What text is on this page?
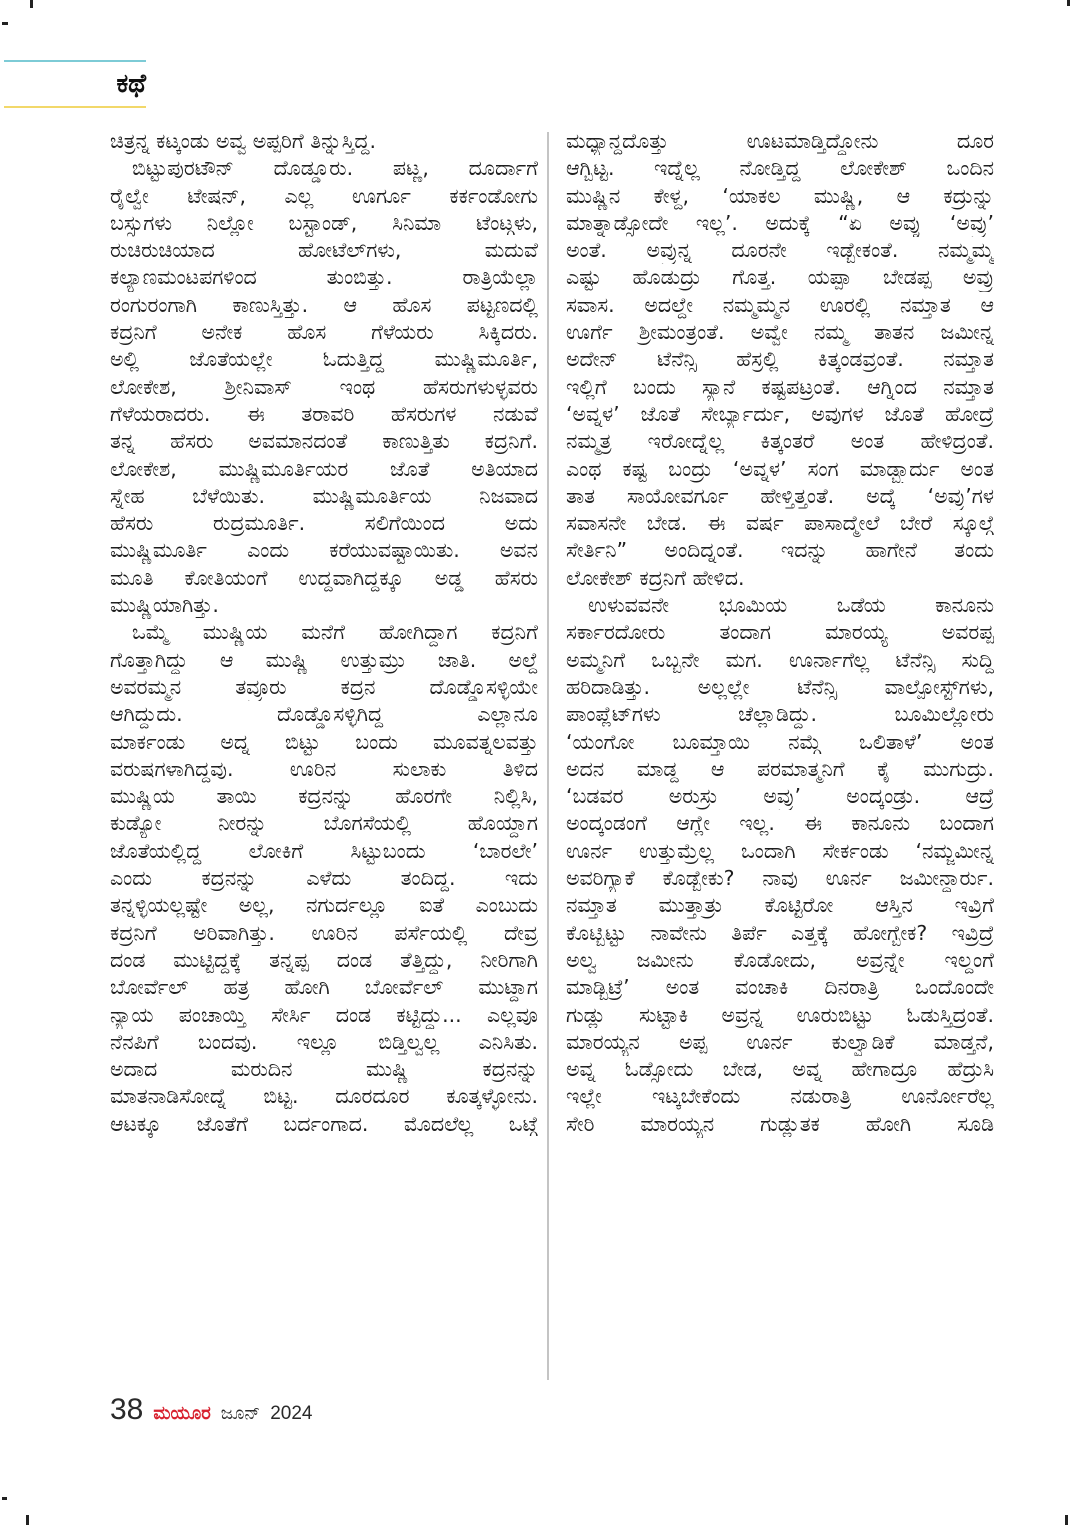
ಕಥೆ
ಚಿತ್ರನ್ನ ಕಟ್ಕಂಡು ಅವ್ವ ಅಪ್ಪರಿಗೆ ತಿನ್ನುಸ್ತಿದ್ದ.
ಬಿಟ್ಟುಪುರಟೌನ್ ದೊಡ್ಡೂರು. ಪಟ್ಣ, ದೂರ್ದಾಗೆ
ರೈಲ್ವೇ ಟೇಷನ್, ಎಲ್ಲ ಊರ್ಗೂ ಕರ್ಕಂಡೋಗು
ಬಸ್ಸುಗಳು ನಿಲ್ಲೋ ಬಸ್ಟಾಂಡ್, ಸಿನಿಮಾ ಟೆಂಟ್ಗಳು,
ರುಚಿರುಚಿಯಾದ ಹೋಟೆಲ್‌ಗಳು, ಮದುವೆ
ಕಲ್ಯಾಣಮಂಟಪಗಳಿಂದ ತುಂಬಿತ್ತು. ರಾತ್ರಿಯೆಲ್ಲಾ
ರಂಗುರಂಗಾಗಿ ಕಾಣುಸ್ತಿತ್ತು. ಆ ಹೊಸ ಪಟ್ಟಣದಲ್ಲಿ
ಕದ್ರನಿಗೆ ಅನೇಕ ಹೊಸ ಗೆಳೆಯರು ಸಿಕ್ಕಿದರು.
ಅಲ್ಲಿ ಜೊತೆಯಲ್ಲೇ ಓದುತ್ತಿದ್ದ ಮುಷ್ಣಿಮೂರ್ತಿ,
ಲೋಕೇಶ, ಶ್ರೀನಿವಾಸ್ ಇಂಥ ಹೆಸರುಗಳುಳ್ಳವರು
ಗೆಳೆಯರಾದರು. ಈ ತರಾವರಿ ಹೆಸರುಗಳ ನಡುವೆ
ತನ್ನ ಹೆಸರು ಅವಮಾನದಂತೆ ಕಾಣುತ್ತಿತು ಕದ್ರನಿಗೆ.
ಲೋಕೇಶ, ಮುಷ್ಣಿಮೂರ್ತಿಯರ ಜೊತೆ ಅತಿಯಾದ
ಸ್ನೇಹ ಬೆಳೆಯಿತು. ಮುಷ್ಣಿಮೂರ್ತಿಯ ನಿಜವಾದ
ಹೆಸರು ರುದ್ರಮೂರ್ತಿ. ಸಲಿಗೆಯಿಂದ ಅದು
ಮುಷ್ಣಿಮೂರ್ತಿ ಎಂದು ಕರೆಯುವಷ್ಟಾಯಿತು. ಅವನ
ಮೂತಿ ಕೋತಿಯಂಗೆ ಉದ್ದವಾಗಿದ್ದಕ್ಕೂ ಅಡ್ಡ ಹೆಸರು
ಮುಷ್ಣಿಯಾಗಿತ್ತು.
ಒಮ್ಮೆ ಮುಷ್ಣಿಯ ಮನೆಗೆ ಹೋಗಿದ್ದಾಗ ಕದ್ರನಿಗೆ
ಗೊತ್ತಾಗಿದ್ದು ಆ ಮುಷ್ಣಿ ಉತ್ತುಮ್ರು ಜಾತಿ. ಅಲ್ದೆ
ಅವರಮ್ಮನ ತವ್ರೂರು ಕದ್ರನ ದೊಡ್ಡೊಸಳ್ಳಿಯೇ
ಆಗಿದ್ದುದು. ದೊಡ್ಡೊಸಳ್ಳಿಗಿದ್ದ ಎಲ್ಲಾನೂ
ಮಾರ್ಕಂಡು ಅದ್ನ ಬಿಟ್ಟು ಬಂದು ಮೂವತ್ನಲವತ್ತು
ವರುಷಗಳಾಗಿದ್ದವು. ಊರಿನ ಸುಲಾಕು ತಿಳಿದ
ಮುಷ್ಣಿಯ ತಾಯಿ ಕದ್ರನನ್ನು ಹೊರಗೇ ನಿಲ್ಲಿಸಿ,
ಕುಡ್ಯೋ ನೀರನ್ನು ಬೊಗಸೆಯಲ್ಲಿ ಹೊಯ್ದಾಗ
ಜೊತೆಯಲ್ಲಿದ್ದ ಲೋಕಿಗೆ ಸಿಟ್ಟುಬಂದು ‘ಬಾರಲೇ’
ಎಂದು ಕದ್ರನನ್ನು ಎಳೆದು ತಂದಿದ್ದ. ಇದು
ತನ್ನಳ್ಳಿಯಲ್ಲಷ್ಟೇ ಅಲ್ಲ, ನಗುರ್ದಲ್ಲೂ ಐತೆ ಎಂಬುದು
ಕದ್ರನಿಗೆ ಅರಿವಾಗಿತ್ತು. ಊರಿನ ಪರ್ಸೆಯಲ್ಲಿ ದೇವ್ರ
ದಂಡ ಮುಟ್ಟಿದ್ದಕ್ಕೆ ತನ್ನಪ್ಪ ದಂಡ ತೆತ್ತಿದ್ದು, ನೀರಿಗಾಗಿ
ಬೋರ್ವೆಲ್ ಹತ್ರ ಹೋಗಿ ಬೋರ್ವೆಲ್ ಮುಟ್ದಾಗ
ನ್ಯಾಯ ಪಂಚಾಯ್ತಿ ಸೇರ್ಸಿ ದಂಡ ಕಟ್ಟಿದ್ದು... ಎಲ್ಲವೂ
ನೆನಪಿಗೆ ಬಂದವು. ಇಲ್ಲೂ ಬಿಡ್ತಿಲ್ವಲ್ಲ ಎನಿಸಿತು.
ಅದಾದ ಮರುದಿನ ಮುಷ್ಣಿ ಕದ್ರನನ್ನು
ಮಾತನಾಡಿಸೋದ್ನೆ ಬಿಟ್ಟ. ದೂರದೂರ ಕೂತ್ಕಳ್ಳೋನು.
ಆಟಕ್ಕೂ ಜೊತೆಗೆ ಬರ್ದಂಗಾದ. ಮೊದಲೆಲ್ಲ ಒಟ್ಗೆ
ಮಧ್ಯಾನ್ದದೊತ್ತು ಊಟಮಾಡ್ತಿದ್ದೋನು ದೂರ
ಆಗ್ಬಿಟ್ಟ. ಇದ್ನೆಲ್ಲ ನೋಡ್ತಿದ್ದ ಲೋಕೇಶ್ ಒಂದಿನ
ಮುಷ್ಣಿನ ಕೇಳ್ದ, ‘ಯಾಕಲ ಮುಷ್ಣಿ, ಆ ಕದ್ರುನ್ನು
ಮಾತ್ನಾಡ್ಸೋದೇ ಇಲ್ಲ’. ಅದುಕ್ಕೆ “ಏ ಅವ್ನು ‘ಅವ್ರು’
ಅಂತೆ. ಅವ್ರುನ್ನ ದೂರನೇ ಇಡ್ಬೇಕಂತೆ. ನಮ್ಮಮ್ಮ
ಎಷ್ಟು ಹೊಡುದ್ರು ಗೊತ್ತ. ಯಪ್ಪಾ ಬೇಡಪ್ಪ ಅವ್ರು
ಸವಾಸ. ಅದಲ್ದೇ ನಮ್ಮಮ್ಮನ ಊರಲ್ಲಿ ನಮ್ತಾತ ಆ
ಊರ್ಗೆ ಶ್ರೀಮಂತ್ರಂತೆ. ಅವ್ವೇ ನಮ್ಮ ತಾತನ ಜಮೀನ್ನ
ಅದೇನ್ ಟೆನೆನ್ಸಿ ಹೆಸ್ರಲ್ಲಿ ಕಿತ್ಕಂಡವ್ರಂತೆ. ನಮ್ತಾತ
ಇಲ್ಲಿಗೆ ಬಂದು ಸ್ಯಾನೆ ಕಷ್ಟಪಟ್ರಂತೆ. ಆಗ್ನಿಂದ ನಮ್ತಾತ
‘ಅವ್ನಳ’ ಜೊತೆ ಸೇರ್ಬ್ಯಾರ್ದು, ಅವುಗಳ ಜೊತೆ ಹೋದ್ರೆ
ನಮ್ಮತ್ರ ಇರೋದ್ನೆಲ್ಲ ಕಿತ್ಕಂತರೆ ಅಂತ ಹೇಳಿದ್ರಂತೆ.
ಎಂಥ ಕಷ್ಟ ಬಂದ್ರು ‘ಅವ್ನಳ’ ಸಂಗ ಮಾಡ್ಬ್ಯಾರ್ದು ಅಂತ
ತಾತ ಸಾಯೋವರ್ಗೂ ಹೇಳ್ತಿತ್ತಂತೆ. ಅದ್ಕೆ ‘ಅವ್ರು’ಗಳ
ಸವಾಸನೇ ಬೇಡ. ಈ ವರ್ಷ ಪಾಸಾದ್ಮೇಲೆ ಬೇರೆ ಸ್ಕೂಲ್ಗೆ
ಸೇರ್ತಿನಿ” ಅಂದಿದ್ನಂತೆ. ಇದನ್ನು ಹಾಗೇನೆ ತಂದು
ಲೋಕೇಶ್ ಕದ್ರನಿಗೆ ಹೇಳಿದ.
ಉಳುವವನೇ ಭೂಮಿಯ ಒಡೆಯ ಕಾನೂನು
ಸರ್ಕಾರದೋರು ತಂದಾಗ ಮಾರಯ್ಯ ಅವರಪ್ಪ
ಅಮ್ಮನಿಗೆ ಒಬ್ಬನೇ ಮಗ. ಊರ್ನಾಗೆಲ್ಲ ಟೆನೆನ್ಸಿ ಸುದ್ದಿ
ಹರಿದಾಡಿತ್ತು. ಅಲ್ಲಲ್ಲೇ ಟೆನೆನ್ಸಿ ವಾಲ್ಪೋಸ್ಟ್‌ಗಳು,
ಪಾಂಪ್ಲೆಟ್‌ಗಳು ಚೆಲ್ಲಾಡಿದ್ದು. ಬೂಮಿಲ್ಲೋರು
‘ಯಂಗೋ ಬೂಮ್ತಾಯಿ ನಮ್ಗೆ ಒಲಿತಾಳೆ’ ಅಂತ
ಅದನ ಮಾಡ್ದ ಆ ಪರಮಾತ್ಮನಿಗೆ ಕೈ ಮುಗುದ್ರು.
‘ಬಡವರ ಅರುಸ್ರು ಅವ್ರು’ ಅಂದ್ಕಂಡ್ರು. ಆದ್ರೆ
ಅಂದ್ಕಂಡಂಗೆ ಆಗ್ಲೇ ಇಲ್ಲ. ಈ ಕಾನೂನು ಬಂದಾಗ
ಊರ್ನ ಉತ್ತುಮ್ರೆಲ್ಲ ಒಂದಾಗಿ ಸೇರ್ಕಂಡು ‘ನಮ್ಜಮೀನ್ನ
ಅವರಿಗ್ಯಾಕೆ ಕೊಡ್ಬೇಕು? ನಾವು ಊರ್ನ ಜಮೀನ್ದಾರ್ರು.
ನಮ್ತಾತ ಮುತ್ತಾತ್ರು ಕೊಟ್ಟಿರೋ ಆಸ್ತಿನ ಇವ್ರಿಗೆ
ಕೊಟ್ಬಿಟ್ಟು ನಾವೇನು ತಿರ್ಪೆ ಎತ್ತಕ್ಕೆ ಹೋಗ್ಬೇಕ? ಇವ್ರಿದ್ರೆ
ಅಲ್ವ ಜಮೀನು ಕೊಡೋದು, ಅವ್ರನ್ನೇ ಇಲ್ದಂಗೆ
ಮಾಡ್ಬಿಟ್ರೆ’ ಅಂತ ವಂಚಾಕಿ ದಿನರಾತ್ರಿ ಒಂದೊಂದೇ
ಗುಡ್ಲು ಸುಟ್ಟಾಕಿ ಅವ್ರನ್ನ ಊರುಬಿಟ್ಟು ಓಡುಸ್ತಿದ್ರಂತೆ.
ಮಾರಯ್ಯನ ಅಪ್ಪ ಊರ್ನ ಕುಲ್ವಾಡಿಕೆ ಮಾಡ್ತನೆ,
ಅವ್ನ ಓಡ್ಸೋದು ಬೇಡ, ಅವ್ನ ಹೇಗಾದ್ರೂ ಹೆದ್ರುಸಿ
ಇಲ್ಲೇ ಇಟ್ಕಬೇಕೆಂದು ನಡುರಾತ್ರಿ ಊರ್ನೋರೆಲ್ಲ
ಸೇರಿ ಮಾರಯ್ಯನ ಗುಡ್ಲುತಕ ಹೋಗಿ ಸೂಡಿ
38 ಮಯೂರ ಜೂನ್ 2024
